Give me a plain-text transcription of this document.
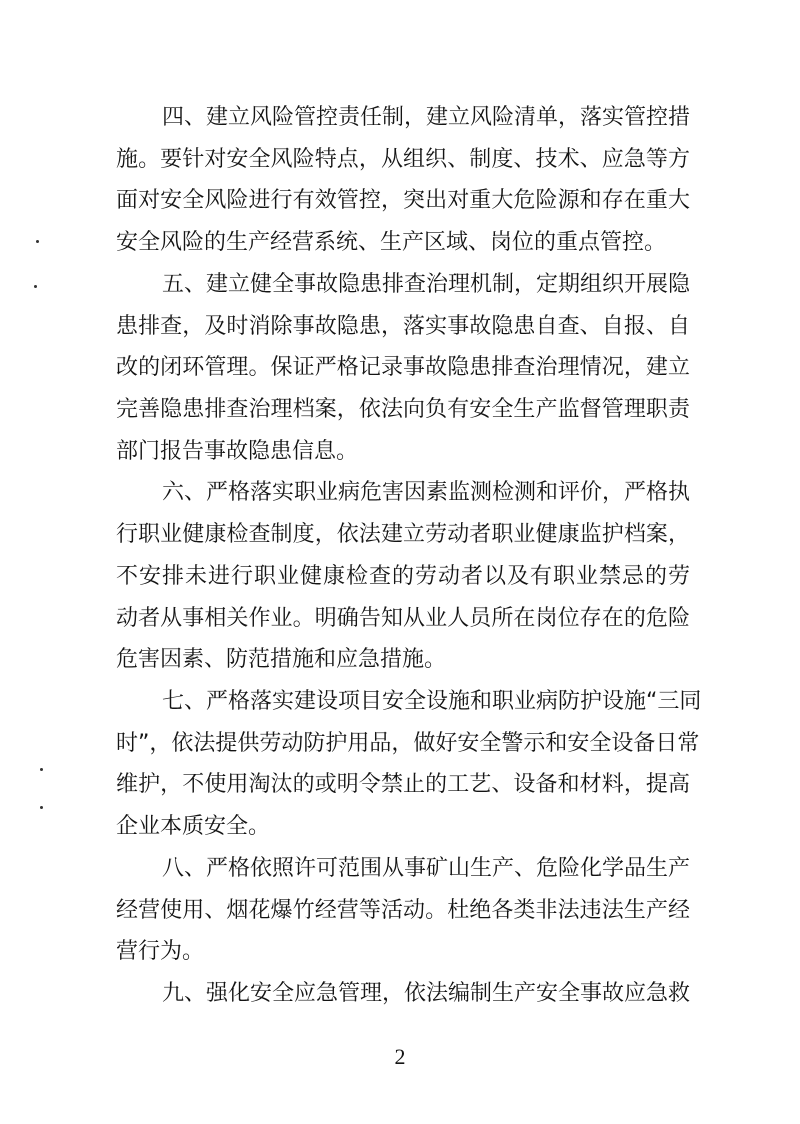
2
四、建立风险管控责任制，建立风险清单，落实管控措
施。要针对安全风险特点，从组织、制度、技术、应急等方
面对安全风险进行有效管控，突出对重大危险源和存在重大
安全风险的生产经营系统、生产区域、岗位的重点管控。
五、建立健全事故隐患排查治理机制，定期组织开展隐
患排查，及时消除事故隐患，落实事故隐患自查、自报、自
改的闭环管理。保证严格记录事故隐患排查治理情况，建立
完善隐患排查治理档案，依法向负有安全生产监督管理职责
部门报告事故隐患信息。
六、严格落实职业病危害因素监测检测和评价，严格执
行职业健康检查制度，依法建立劳动者职业健康监护档案，
不安排未进行职业健康检查的劳动者以及有职业禁忌的劳
动者从事相关作业。明确告知从业人员所在岗位存在的危险
危害因素、防范措施和应急措施。
七、严格落实建设项目安全设施和职业病防护设施“三同
时”，依法提供劳动防护用品，做好安全警示和安全设备日常
维护，不使用淘汰的或明令禁止的工艺、设备和材料，提高
企业本质安全。
八、严格依照许可范围从事矿山生产、危险化学品生产
经营使用、烟花爆竹经营等活动。杜绝各类非法违法生产经
营行为。
九、强化安全应急管理，依法编制生产安全事故应急救
